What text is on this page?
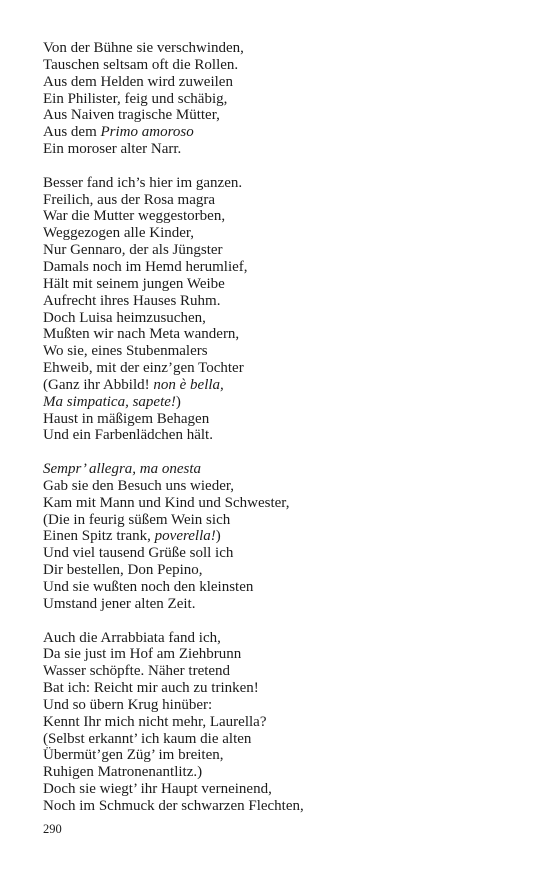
Von der Bühne sie verschwinden,
Tauschen seltsam oft die Rollen.
Aus dem Helden wird zuweilen
Ein Philister, feig und schäbig,
Aus Naiven tragische Mütter,
Aus dem Primo amoroso
Ein moroser alter Narr.
Besser fand ich’s hier im ganzen.
Freilich, aus der Rosa magra
War die Mutter weggestorben,
Weggezogen alle Kinder,
Nur Gennaro, der als Jüngster
Damals noch im Hemd herumlief,
Hält mit seinem jungen Weibe
Aufrecht ihres Hauses Ruhm.
Doch Luisa heimzusuchen,
Mußten wir nach Meta wandern,
Wo sie, eines Stubenmalers
Ehweib, mit der einz’gen Tochter
(Ganz ihr Abbild! non è bella,
Ma simpatica, sapete!)
Haust in mäßigem Behagen
Und ein Farbenlädchen hält.
Sempr’ allegra, ma onesta
Gab sie den Besuch uns wieder,
Kam mit Mann und Kind und Schwester,
(Die in feurig süßem Wein sich
Einen Spitz trank, poverella!)
Und viel tausend Grüße soll ich
Dir bestellen, Don Pepino,
Und sie wußten noch den kleinsten
Umstand jener alten Zeit.
Auch die Arrabbiata fand ich,
Da sie just im Hof am Ziehbrunn
Wasser schöpfte. Näher tretend
Bat ich: Reicht mir auch zu trinken!
Und so übern Krug hinüber:
Kennt Ihr mich nicht mehr, Laurella?
(Selbst erkannt’ ich kaum die alten
Übermüt’gen Züg’ im breiten,
Ruhigen Matronenantlitz.)
Doch sie wiegt’ ihr Haupt verneinend,
Noch im Schmuck der schwarzen Flechten,
290
